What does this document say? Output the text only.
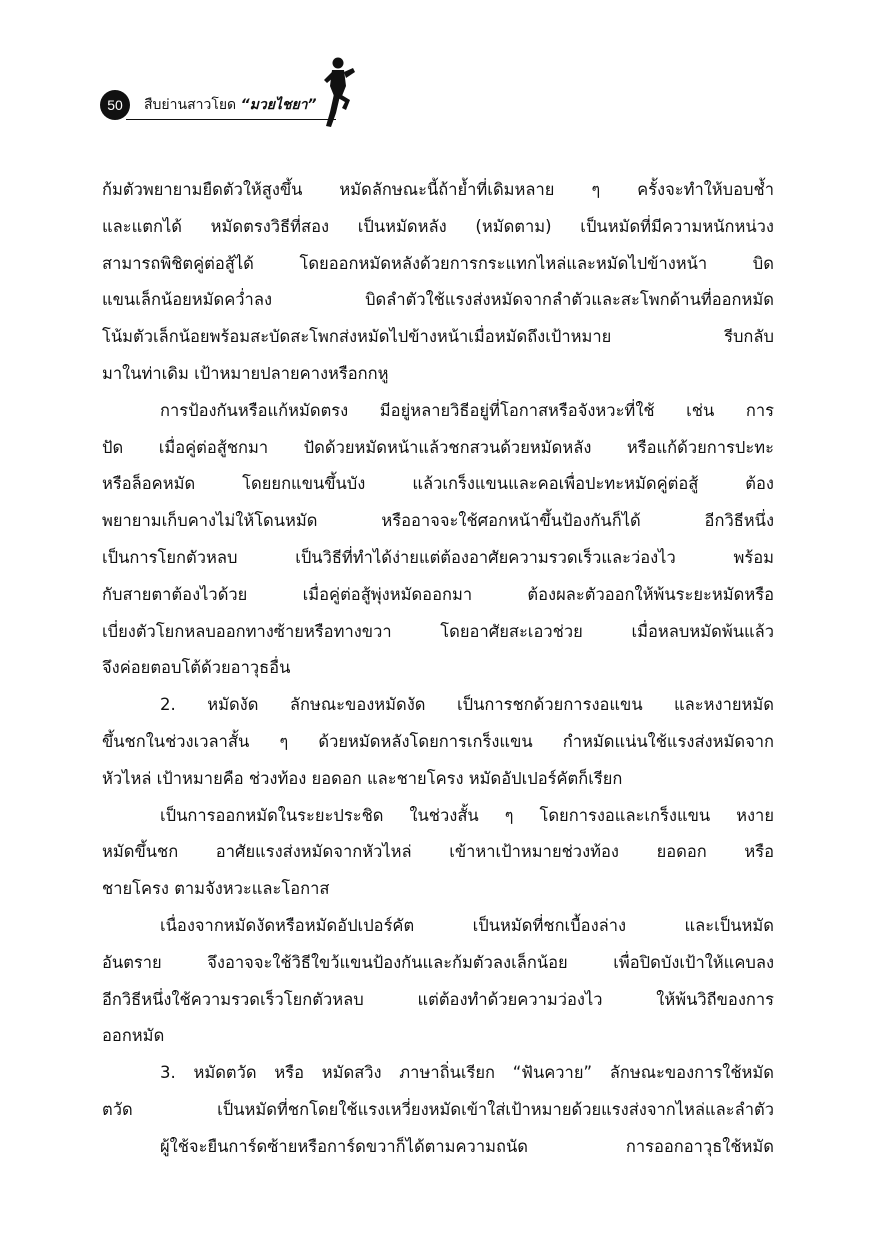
50	สืบย่านสาวโยด “มวยไชยา”
ก้มตัวพยายามยืดตัวให้สูงขึ้น หมัดลักษณะนี้ถ้าย้ำที่เดิมหลาย ๆ ครั้งจะทำให้บอบช้ำ
และแตกได้ หมัดตรงวิธีที่สอง เป็นหมัดหลัง (หมัดตาม) เป็นหมัดที่มีความหนักหน่วง
สามารถพิชิตคู่ต่อสู้ได้ โดยออกหมัดหลังด้วยการกระแทกไหล่และหมัดไปข้างหน้า บิด
แขนเล็กน้อยหมัดคว่ำลง บิดลำตัวใช้แรงส่งหมัดจากลำตัวและสะโพกด้านที่ออกหมัด
โน้มตัวเล็กน้อยพร้อมสะบัดสะโพกส่งหมัดไปข้างหน้าเมื่อหมัดถึงเป้าหมาย รีบกลับ
มาในท่าเดิม เป้าหมายปลายคางหรือกกหู
การป้องกันหรือแก้หมัดตรง มีอยู่หลายวิธีอยู่ที่โอกาสหรือจังหวะที่ใช้ เช่น การ
ปัด เมื่อคู่ต่อสู้ชกมา ปัดด้วยหมัดหน้าแล้วชกสวนด้วยหมัดหลัง หรือแก้ด้วยการปะทะ
หรือล็อคหมัด โดยยกแขนขึ้นบัง แล้วเกร็งแขนและคอเพื่อปะทะหมัดคู่ต่อสู้ ต้อง
พยายามเก็บคางไม่ให้โดนหมัด หรืออาจจะใช้ศอกหน้าขึ้นป้องกันก็ได้ อีกวิธีหนึ่ง
เป็นการโยกตัวหลบ เป็นวิธีที่ทำได้ง่ายแต่ต้องอาศัยความรวดเร็วและว่องไว พร้อม
กับสายตาต้องไวด้วย เมื่อคู่ต่อสู้พุ่งหมัดออกมา ต้องผละตัวออกให้พ้นระยะหมัดหรือ
เบี่ยงตัวโยกหลบออกทางซ้ายหรือทางขวา โดยอาศัยสะเอวช่วย เมื่อหลบหมัดพ้นแล้ว
จึงค่อยตอบโต้ด้วยอาวุธอื่น
2. หมัดงัด ลักษณะของหมัดงัด เป็นการชกด้วยการงอแขน และหงายหมัด
ขึ้นชกในช่วงเวลาสั้น ๆ ด้วยหมัดหลังโดยการเกร็งแขน กำหมัดแน่นใช้แรงส่งหมัดจาก
หัวไหล่ เป้าหมายคือ ช่วงท้อง ยอดอก และชายโครง หมัดอัปเปอร์คัตก็เรียก
เป็นการออกหมัดในระยะประชิด ในช่วงสั้น ๆ โดยการงอและเกร็งแขน หงาย
หมัดขึ้นชก อาศัยแรงส่งหมัดจากหัวไหล่ เข้าหาเป้าหมายช่วงท้อง ยอดอก หรือ
ชายโครง ตามจังหวะและโอกาส
เนื่องจากหมัดงัดหรือหมัดอัปเปอร์คัต เป็นหมัดที่ชกเบื้องล่าง และเป็นหมัด
อันตราย จึงอาจจะใช้วิธีใขว้แขนป้องกันและก้มตัวลงเล็กน้อย เพื่อปิดบังเป้าให้แคบลง
อีกวิธีหนึ่งใช้ความรวดเร็วโยกตัวหลบ แต่ต้องทำด้วยความว่องไว ให้พ้นวิถีของการ
ออกหมัด
3. หมัดตวัด หรือ หมัดสวิง ภาษาถิ่นเรียก “ฟันควาย” ลักษณะของการใช้หมัด
ตวัด เป็นหมัดที่ชกโดยใช้แรงเหวี่ยงหมัดเข้าใส่เป้าหมายด้วยแรงส่งจากไหล่และลำตัว
ผู้ใช้จะยืนการ์ดซ้ายหรือการ์ดขวาก็ได้ตามความถนัด การออกอาวุธใช้หมัด
